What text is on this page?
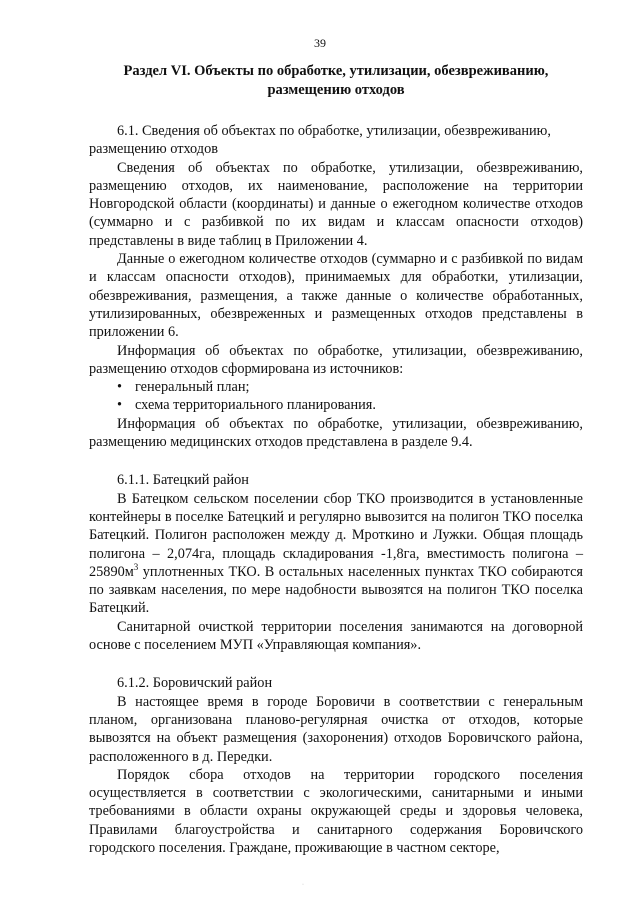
39
Раздел VI. Объекты по обработке, утилизации, обезвреживанию,
размещению отходов

6.1. Сведения об объектах по обработке, утилизации, обезвреживанию, размещению отходов

Сведения об объектах по обработке, утилизации, обезвреживанию, размещению отходов, их наименование, расположение на территории Новгородской области (координаты) и данные о ежегодном количестве отходов (суммарно и с разбивкой по их видам и классам опасности отходов) представлены в виде таблиц в Приложении 4.

Данные о ежегодном количестве отходов (суммарно и с разбивкой по видам и классам опасности отходов), принимаемых для обработки, утилизации, обезвреживания, размещения, а также данные о количестве обработанных, утилизированных, обезвреженных и размещенных отходов представлены в приложении 6.

Информация об объектах по обработке, утилизации, обезвреживанию, размещению отходов сформирована из источников:

• генеральный план;
• схема территориального планирования.

Информация об объектах по обработке, утилизации, обезвреживанию, размещению медицинских отходов представлена в разделе 9.4.

6.1.1. Батецкий район

В Батецком сельском поселении сбор ТКО производится в установленные контейнеры в поселке Батецкий и регулярно вывозится на полигон ТКО поселка Батецкий. Полигон расположен между д. Мроткино и Лужки. Общая площадь полигона – 2,074га, площадь складирования -1,8га, вместимость полигона – $25890м^3$ уплотненных ТКО. В остальных населенных пунктах ТКО собираются по заявкам населения, по мере надобности вывозятся на полигон ТКО поселка Батецкий.

Санитарной очисткой территории поселения занимаются на договорной основе с поселением МУП «Управляющая компания».

6.1.2. Боровичский район

В настоящее время в городе Боровичи в соответствии с генеральным планом, организована планово-регулярная очистка от отходов, которые вывозятся на объект размещения (захоронения) отходов Боровичского района, расположенного в д. Передки.

Порядок сбора отходов на территории городского поселения осуществляется в соответствии с экологическими, санитарными и иными требованиями в области охраны окружающей среды и здоровья человека, Правилами благоустройства и санитарного содержания Боровичского городского поселения. Граждане, проживающие в частном секторе,

·
